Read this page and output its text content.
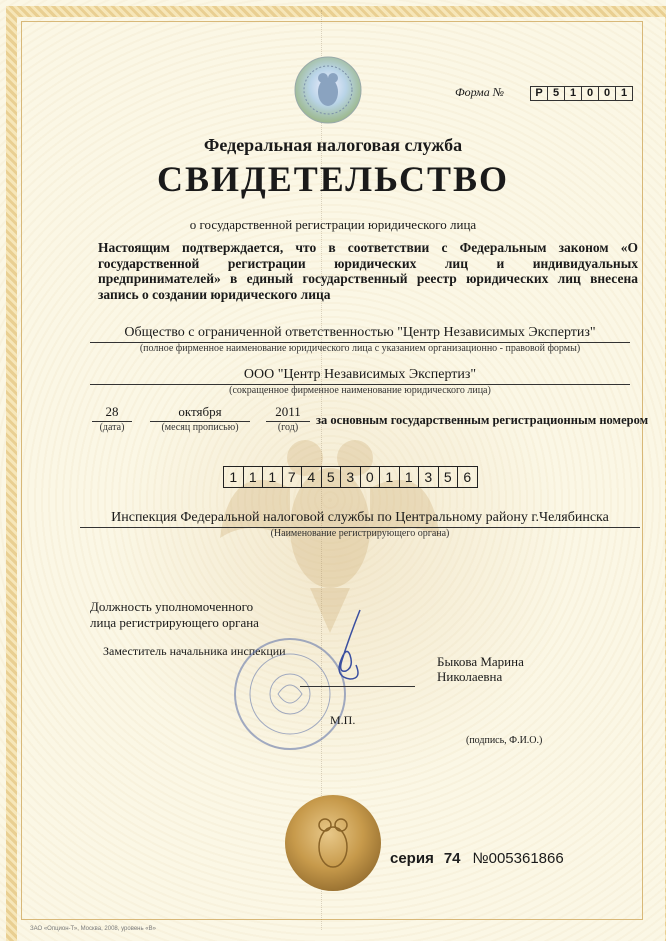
Форма №	Р 5 1 0 0 1
Федеральная налоговая служба
СВИДЕТЕЛЬСТВО
о государственной регистрации юридического лица
Настоящим подтверждается, что в соответствии с Федеральным законом «О государственной регистрации юридических лиц и индивидуальных предпринимателей» в единый государственный реестр юридических лиц внесена запись о создании юридического лица
Общество с ограниченной ответственностью "Центр Независимых Экспертиз"
(полное фирменное наименование юридического лица с указанием организационно - правовой формы)
ООО "Центр Независимых Экспертиз"
(сокращенное фирменное наименование юридического лица)
28
(дата)
октября
(месяц прописью)
2011
(год)
за основным государственным регистрационным номером
1 1 1 7 4 5 3 0 1 1 3 5 6
Инспекция Федеральной налоговой службы по Центральному району г.Челябинска
(Наименование регистрирующего органа)
Должность уполномоченного
лица регистрирующего органа
Заместитель начальника инспекции
Быкова Марина
Николаевна
М.П.
(подпись, Ф.И.О.)
серия 74 №005361866
ЗАО «Опцион-Т», Москва, 2008, уровень «В»
